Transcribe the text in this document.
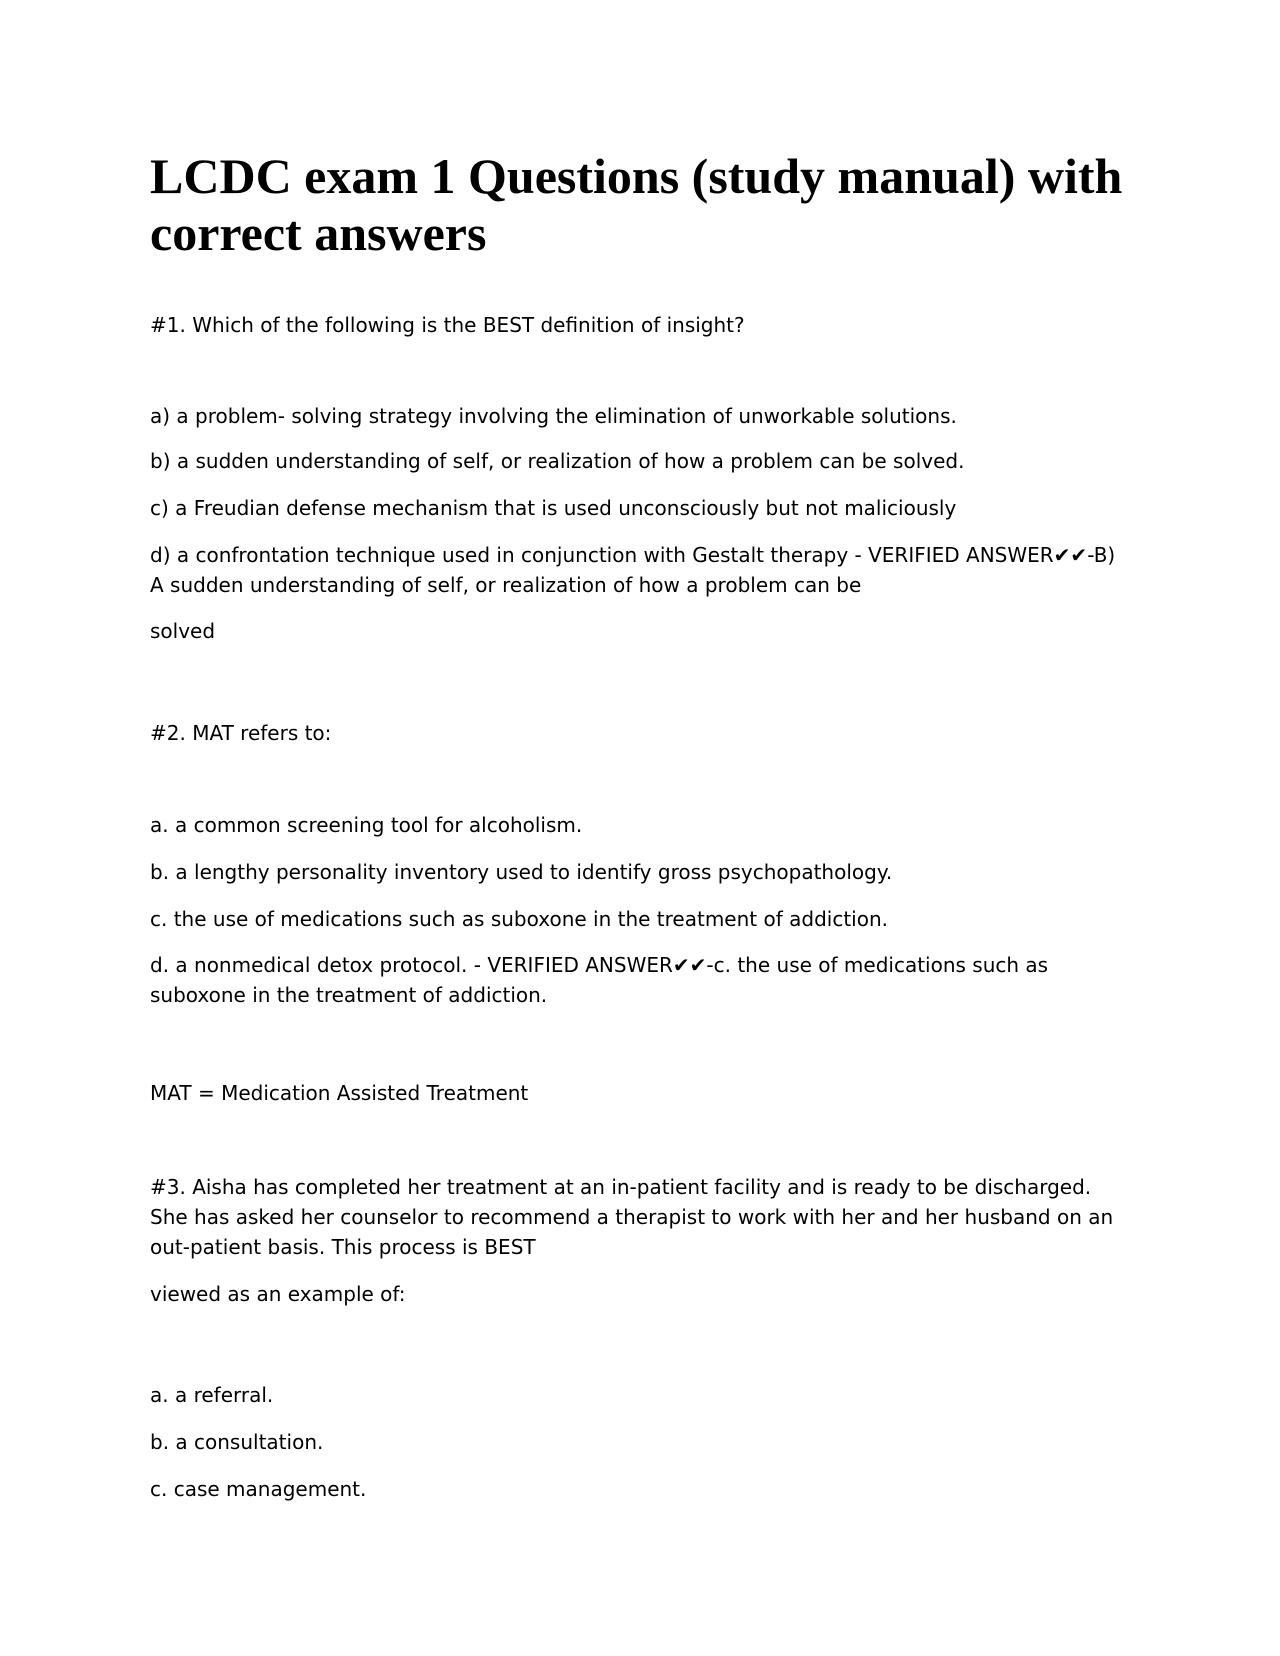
LCDC exam 1 Questions (study manual) with correct answers

#1. Which of the following is the BEST definition of insight?

a) a problem- solving strategy involving the elimination of unworkable solutions.

b) a sudden understanding of self, or realization of how a problem can be solved.

c) a Freudian defense mechanism that is used unconsciously but not maliciously

d) a confrontation technique used in conjunction with Gestalt therapy - VERIFIED ANSWER✔✔-B) A sudden understanding of self, or realization of how a problem can be

solved

#2. MAT refers to:

a. a common screening tool for alcoholism.

b. a lengthy personality inventory used to identify gross psychopathology.

c. the use of medications such as suboxone in the treatment of addiction.

d. a nonmedical detox protocol. - VERIFIED ANSWER✔✔-c. the use of medications such as suboxone in the treatment of addiction.

MAT = Medication Assisted Treatment

#3. Aisha has completed her treatment at an in-patient facility and is ready to be discharged. She has asked her counselor to recommend a therapist to work with her and her husband on an out-patient basis. This process is BEST

viewed as an example of:

a. a referral.

b. a consultation.

c. case management.
